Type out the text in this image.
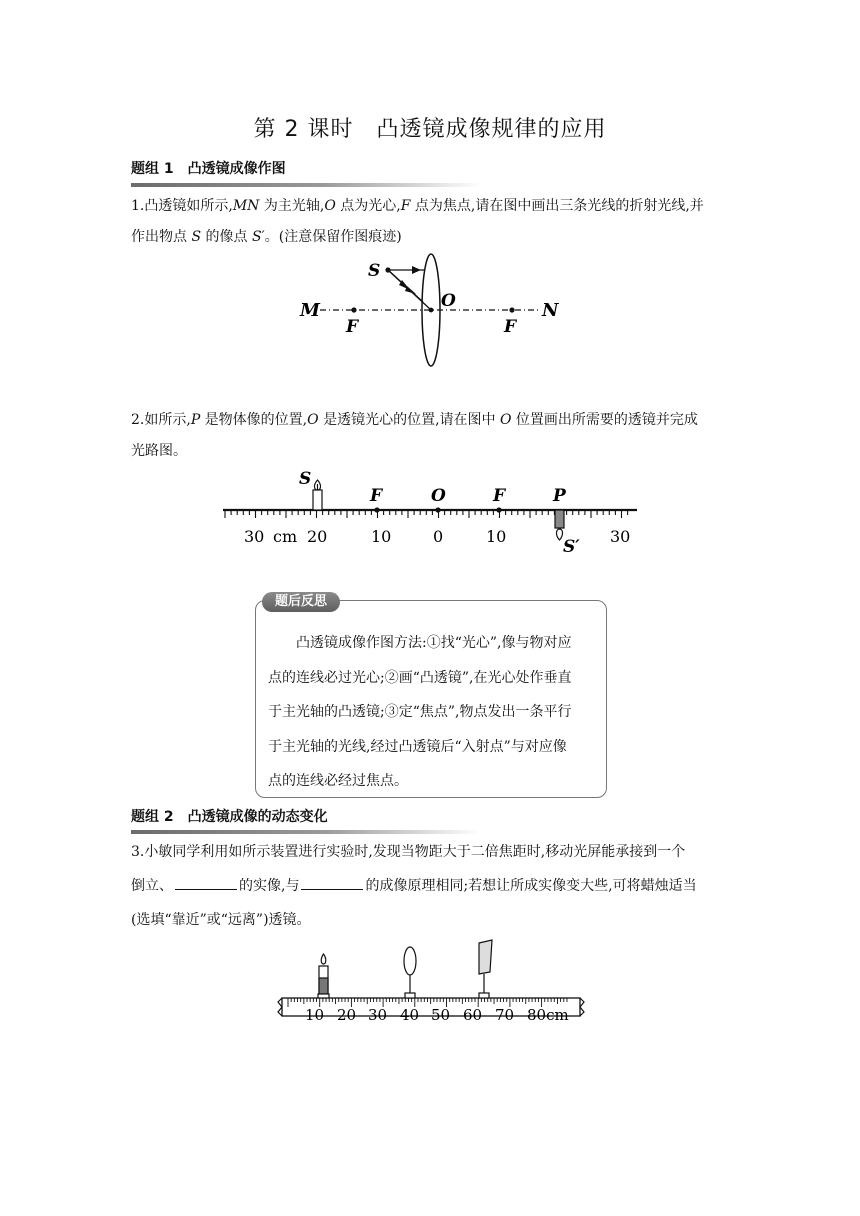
第 2 课时　凸透镜成像规律的应用
题组 1　凸透镜成像作图
1.凸透镜如所示,MN 为主光轴,O 点为光心,F 点为焦点,请在图中画出三条光线的折射光线,并
作出物点 S 的像点 S′。(注意保留作图痕迹)
S
O
M	N
F	F
2.如所示,P 是物体像的位置,O 是透镜光心的位置,请在图中 O 位置画出所需要的透镜并完成
光路图。
S
F	O	F	P
S′
30 cm 20	10	0	10	30
题后反思
凸透镜成像作图方法:①找“光心”,像与物对应
点的连线必过光心;②画“凸透镜”,在光心处作垂直
于主光轴的凸透镜;③定“焦点”,物点发出一条平行
于主光轴的光线,经过凸透镜后“入射点”与对应像
点的连线必经过焦点。
题组 2　凸透镜成像的动态变化
3.小敏同学利用如所示装置进行实验时,发现当物距大于二倍焦距时,移动光屏能承接到一个
倒立、	的实像,与	的成像原理相同;若想让所成实像变大些,可将蜡烛适当
(选填“靠近”或“远离”)透镜。
10 20 30 40 50 60 70 80cm
